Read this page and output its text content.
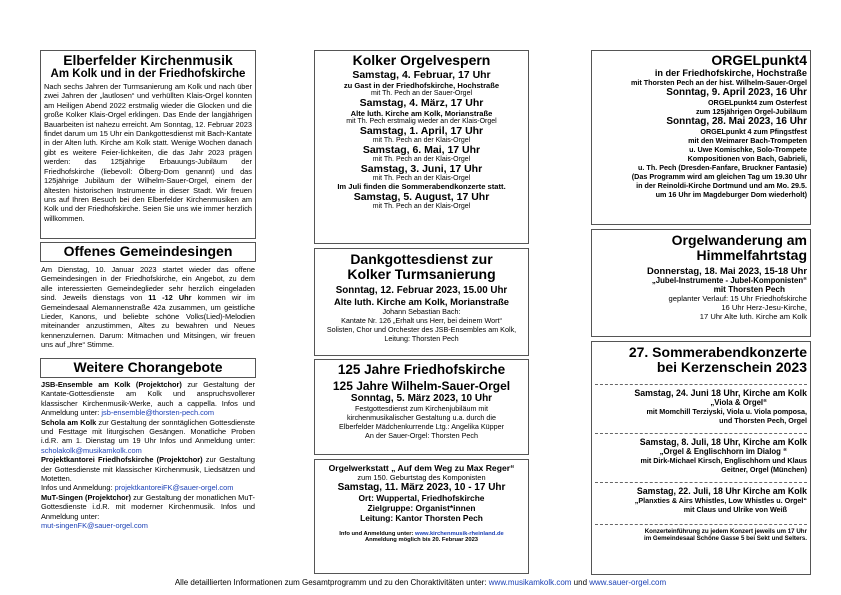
Elberfelder Kirchenmusik
Am Kolk und in der Friedhofskirche

Nach sechs Jahren der Turmsanierung am Kolk und nach über zwei Jahren der „lautlosen“ und verhüllten Klais-Orgel konnten am Heiligen Abend 2022 erstmalig wieder die Glocken und die große Kolker Klais-Orgel erklingen. Das Ende der langjährigen Bauarbeiten ist nahezu erreicht. Am Sonntag, 12. Februar 2023 findet darum um 15 Uhr ein Dankgottesdienst mit Bach-Kantate in der Alten luth. Kirche am Kolk statt. Wenige Wochen danach gibt es weitere Feier-lichkeiten, die das Jahr 2023 prägen werden: das 125jährige Erbauungs-Jubiläum der Friedhofskirche (liebevoll: Ölberg-Dom genannt) und das 125jährige Jubiläum der Wilhelm-Sauer-Orgel, einem der ältesten historischen Instrumente in dieser Stadt. Wir freuen uns auf Ihren Besuch bei den Elberfelder Kirchenmusiken am Kolk und der Friedhofskirche. Seien Sie uns wie immer herzlich willkommen.

Offenes Gemeindesingen

Am Dienstag, 10. Januar 2023 startet wieder das offene Gemeindesingen in der Friedhofskirche, ein Angebot, zu dem alle interessierten Gemeindeglieder sehr herzlich eingeladen sind. Jeweils dienstags von 11 -12 Uhr kommen wir im Gemeindesaal Alemannenstraße 42a zusammen, um geistliche Lieder, Kanons, und beliebte schöne Volks(Lied)-Melodien miteinander anzustimmen, Altes zu bewahren und Neues kennenzulernen. Darum: Mitmachen und Mitsingen, wir freuen uns auf „Ihre“ Stimme.

Weitere Chorangebote

JSB-Ensemble am Kolk (Projektchor) zur Gestaltung der Kantate-Gottesdienste am Kolk und anspruchsvollerer klassischer Kirchenmusik-Werke, auch a cappella. Infos und Anmeldung unter: jsb-ensemble@thorsten-pech.com

Schola am Kolk zur Gestaltung der sonntäglichen Gottesdienste und Festtage mit liturgischen Gesängen. Monatliche Proben i.d.R. am 1. Dienstag um 19 Uhr Infos und Anmeldung unter: scholakolk@musikamkolk.com

Projektkantorei Friedhofskirche (Projektchor) zur Gestaltung der Gottesdienste mit klassischer Kirchenmusik, Liedsätzen und Motetten.
Infos und Anmeldung: projektkantoreiFK@sauer-orgel.com

MuT-Singen (Projektchor) zur Gestaltung der monatlichen MuT-Gottesdienste i.d.R. mit moderner Kirchenmusik. Infos und Anmeldung unter:
mut-singenFK@sauer-orgel.com

Kolker Orgelvespern
Samstag, 4. Februar, 17 Uhr
zu Gast in der Friedhofskirche, Hochstraße
mit Th. Pech an der Sauer-Orgel
Samstag, 4. März, 17 Uhr
Alte luth. Kirche am Kolk, Morianstraße
mit Th. Pech erstmalig wieder an der Klais-Orgel
Samstag, 1. April, 17 Uhr
mit Th. Pech an der Klais-Orgel
Samstag, 6. Mai, 17 Uhr
mit Th. Pech an der Klais-Orgel
Samstag, 3. Juni, 17 Uhr
mit Th. Pech an der Klais-Orgel
Im Juli finden die Sommerabendkonzerte statt.
Samstag, 5. August, 17 Uhr
mit Th. Pech an der Klais-Orgel
Dankgottesdienst zur
Kolker Turmsanierung
Sonntag, 12. Februar 2023, 15.00 Uhr
Alte luth. Kirche am Kolk, Morianstraße
Johann Sebastian Bach:
Kantate Nr. 126 „Erhalt uns Herr, bei deinem Wort“
Solisten, Chor und Orchester des JSB-Ensembles am Kolk,
Leitung: Thorsten Pech
125 Jahre Friedhofskirche
125 Jahre Wilhelm-Sauer-Orgel
Sonntag, 5. März 2023, 10 Uhr
Festgottesdienst zum Kirchenjubiläum mit
kirchenmusikalischer Gestaltung u.a. durch die
Elberfelder Mädchenkurrende Ltg.: Angelika Küpper
An der Sauer-Orgel: Thorsten Pech
Orgelwerkstatt „ Auf dem Weg zu Max Reger“
zum 150. Geburtstag des Komponisten
Samstag, 11. März 2023, 10 - 17 Uhr
Ort: Wuppertal, Friedhofskirche
Zielgruppe: Organist*innen
Leitung: Kantor Thorsten Pech
Info und Anmeldung unter: www.kirchenmusik-rheinland.de
Anmeldung möglich bis 20. Februar 2023
ORGELpunkt4
in der Friedhofskirche, Hochstraße
mit Thorsten Pech an der hist. Wilhelm-Sauer-Orgel
Sonntag, 9. April 2023, 16 Uhr
ORGELpunkt4 zum Osterfest
zum 125jährigen Orgel-Jubiläum
Sonntag, 28. Mai 2023, 16 Uhr
ORGELpunkt 4 zum Pfingstfest
mit den Weimarer Bach-Trompeten
u. Uwe Komischke, Solo-Trompete
Kompositionen von Bach, Gabrieli,
u. Th. Pech (Dresden-Fanfare, Bruckner Fantasie)
(Das Programm wird am gleichen Tag um 19.30 Uhr
in der Reinoldi-Kirche Dortmund und am Mo. 29.5.
um 16 Uhr im Magdeburger Dom wiederholt)
Orgelwanderung am
Himmelfahrtstag
Donnerstag, 18. Mai 2023, 15-18 Uhr
„Jubel-Instrumente - Jubel-Komponisten“
mit Thorsten Pech
geplanter Verlauf: 15 Uhr Friedhofskirche
16 Uhr Herz-Jesu-Kirche,
17 Uhr Alte luth. Kirche am Kolk
27. Sommerabendkonzerte
bei Kerzenschein 2023
Samstag, 24. Juni 18 Uhr, Kirche am Kolk
„Viola & Orgel“
mit Momchill Terziyski, Viola u. Viola pomposa,
und Thorsten Pech, Orgel
Samstag, 8. Juli, 18 Uhr, Kirche am Kolk
„Orgel & Englischhorn im Dialog “
mit Dirk-Michael Kirsch, Englischhorn und Klaus
Geitner, Orgel (München)
Samstag, 22. Juli, 18 Uhr Kirche am Kolk
„Planxties & Airs Whistles, Low Whistles u. Orgel“
mit Claus und Ulrike von Weiß
Konzerteinführung zu jedem Konzert jeweils um 17 Uhr
im Gemeindesaal Schöne Gasse 5 bei Sekt und Selters.
Alle detaillierten Informationen zum Gesamtprogramm und zu den Choraktivitäten unter: www.musikamkolk.com und www.sauer-orgel.com
